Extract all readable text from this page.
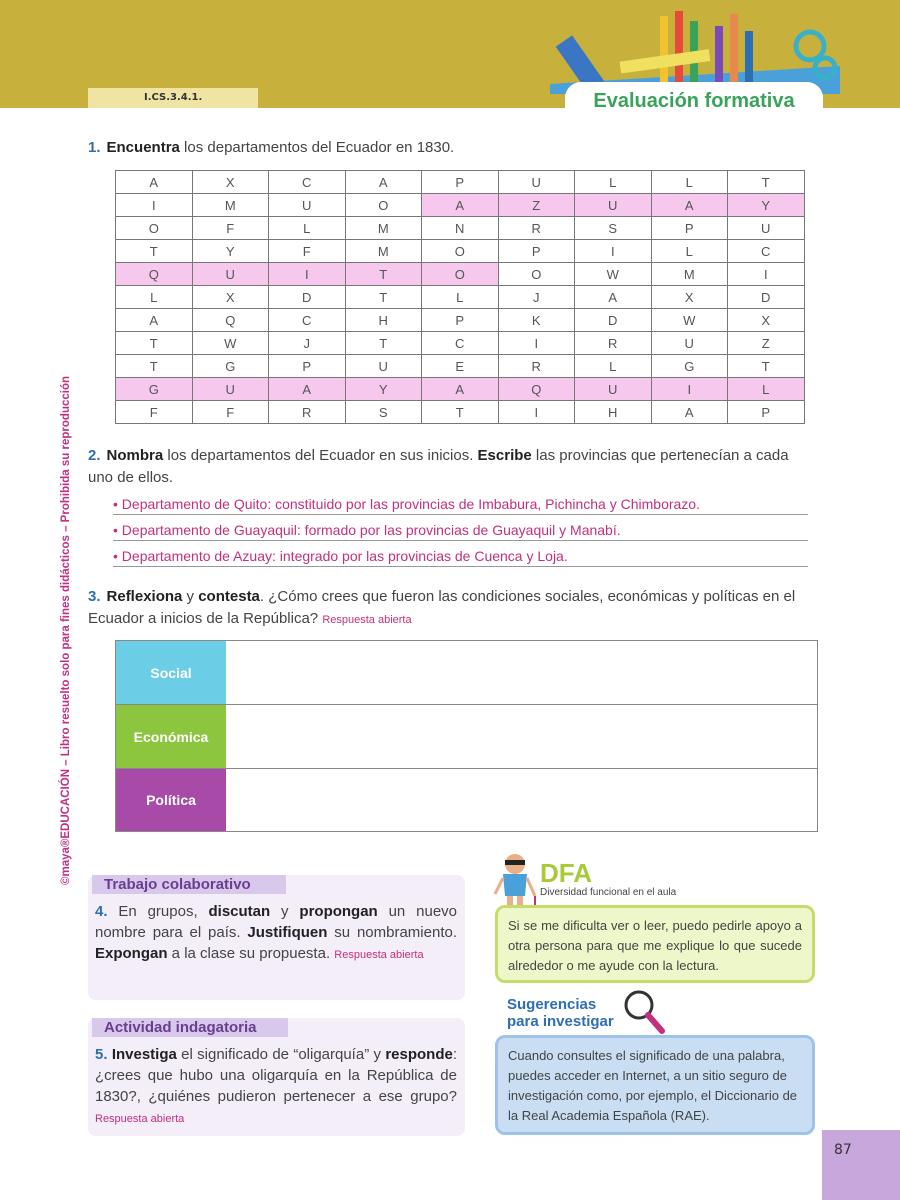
I.CS.3.4.1.	Evaluación formativa
©maya®EDUCACIÓN – Libro resuelto solo para fines didácticos – Prohibida su reproducción
1. Encuentra los departamentos del Ecuador en 1830.
A	X	C	A	P	U	L	L	T
I	M	U	O	A	Z	U	A	Y
O	F	L	M	N	R	S	P	U
T	Y	F	M	O	P	I	L	C
Q	U	I	T	O	O	W	M	I
L	X	D	T	L	J	A	X	D
A	Q	C	H	P	K	D	W	X
T	W	J	T	C	I	R	U	Z
T	G	P	U	E	R	L	G	T
G	U	A	Y	A	Q	U	I	L
F	F	R	S	T	I	H	A	P
2. Nombra los departamentos del Ecuador en sus inicios. Escribe las provincias que pertenecían a cada uno de ellos.
• Departamento de Quito: constituido por las provincias de Imbabura, Pichincha y Chimborazo.
• Departamento de Guayaquil: formado por las provincias de Guayaquil y Manabí.
• Departamento de Azuay: integrado por las provincias de Cuenca y Loja.
3. Reflexiona y contesta. ¿Cómo crees que fueron las condiciones sociales, económicas y políticas en el Ecuador a inicios de la República? Respuesta abierta
Social
Económica
Política
Trabajo colaborativo
4. En grupos, discutan y propongan un nuevo nombre para el país. Justifiquen su nombramiento. Expongan a la clase su propuesta. Respuesta abierta
Actividad indagatoria
5. Investiga el significado de “oligarquía” y responde: ¿crees que hubo una oligarquía en la República de 1830?, ¿quiénes pudieron pertenecer a ese grupo? Respuesta abierta
DFA
Diversidad funcional en el aula
Si se me dificulta ver o leer, puedo pedirle apoyo a otra persona para que me explique lo que sucede alrededor o me ayude con la lectura.
Sugerencias
para investigar
Cuando consultes el significado de una palabra, puedes acceder en Internet, a un sitio seguro de investigación como, por ejemplo, el Diccionario de la Real Academia Española (RAE).
87
